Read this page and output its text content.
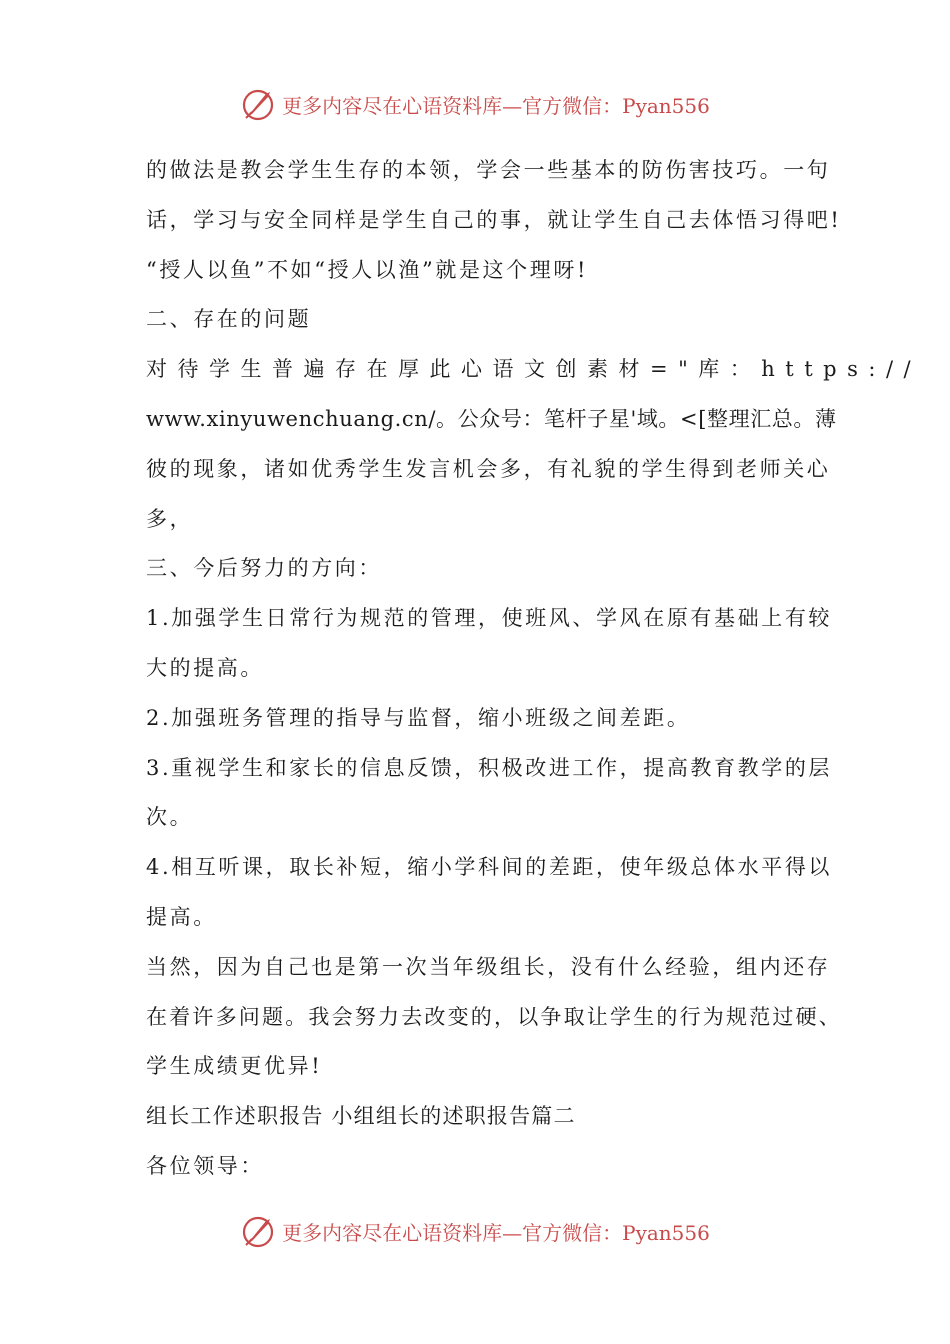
更多内容尽在心语资料库—官方微信：Pyan556
的做法是教会学生生存的本领，学会一些基本的防伤害技巧。一句
话，学习与安全同样是学生自己的事，就让学生自己去体悟习得吧!
“授人以鱼”不如“授人以渔”就是这个理呀!
二、存在的问题
对待学生普遍存在厚此心语文创素材="库：https://
www.xinyuwenchuang.cn/。公众号：笔杆子星'域。<[整理汇总。薄
彼的现象，诸如优秀学生发言机会多，有礼貌的学生得到老师关心
多，
三、今后努力的方向：
1.加强学生日常行为规范的管理，使班风、学风在原有基础上有较
大的提高。
2.加强班务管理的指导与监督，缩小班级之间差距。
3.重视学生和家长的信息反馈，积极改进工作，提高教育教学的层
次。
4.相互听课，取长补短，缩小学科间的差距，使年级总体水平得以
提高。
当然，因为自己也是第一次当年级组长，没有什么经验，组内还存
在着许多问题。我会努力去改变的，以争取让学生的行为规范过硬、
学生成绩更优异!
组长工作述职报告 小组组长的述职报告篇二
各位领导：
更多内容尽在心语资料库—官方微信：Pyan556
